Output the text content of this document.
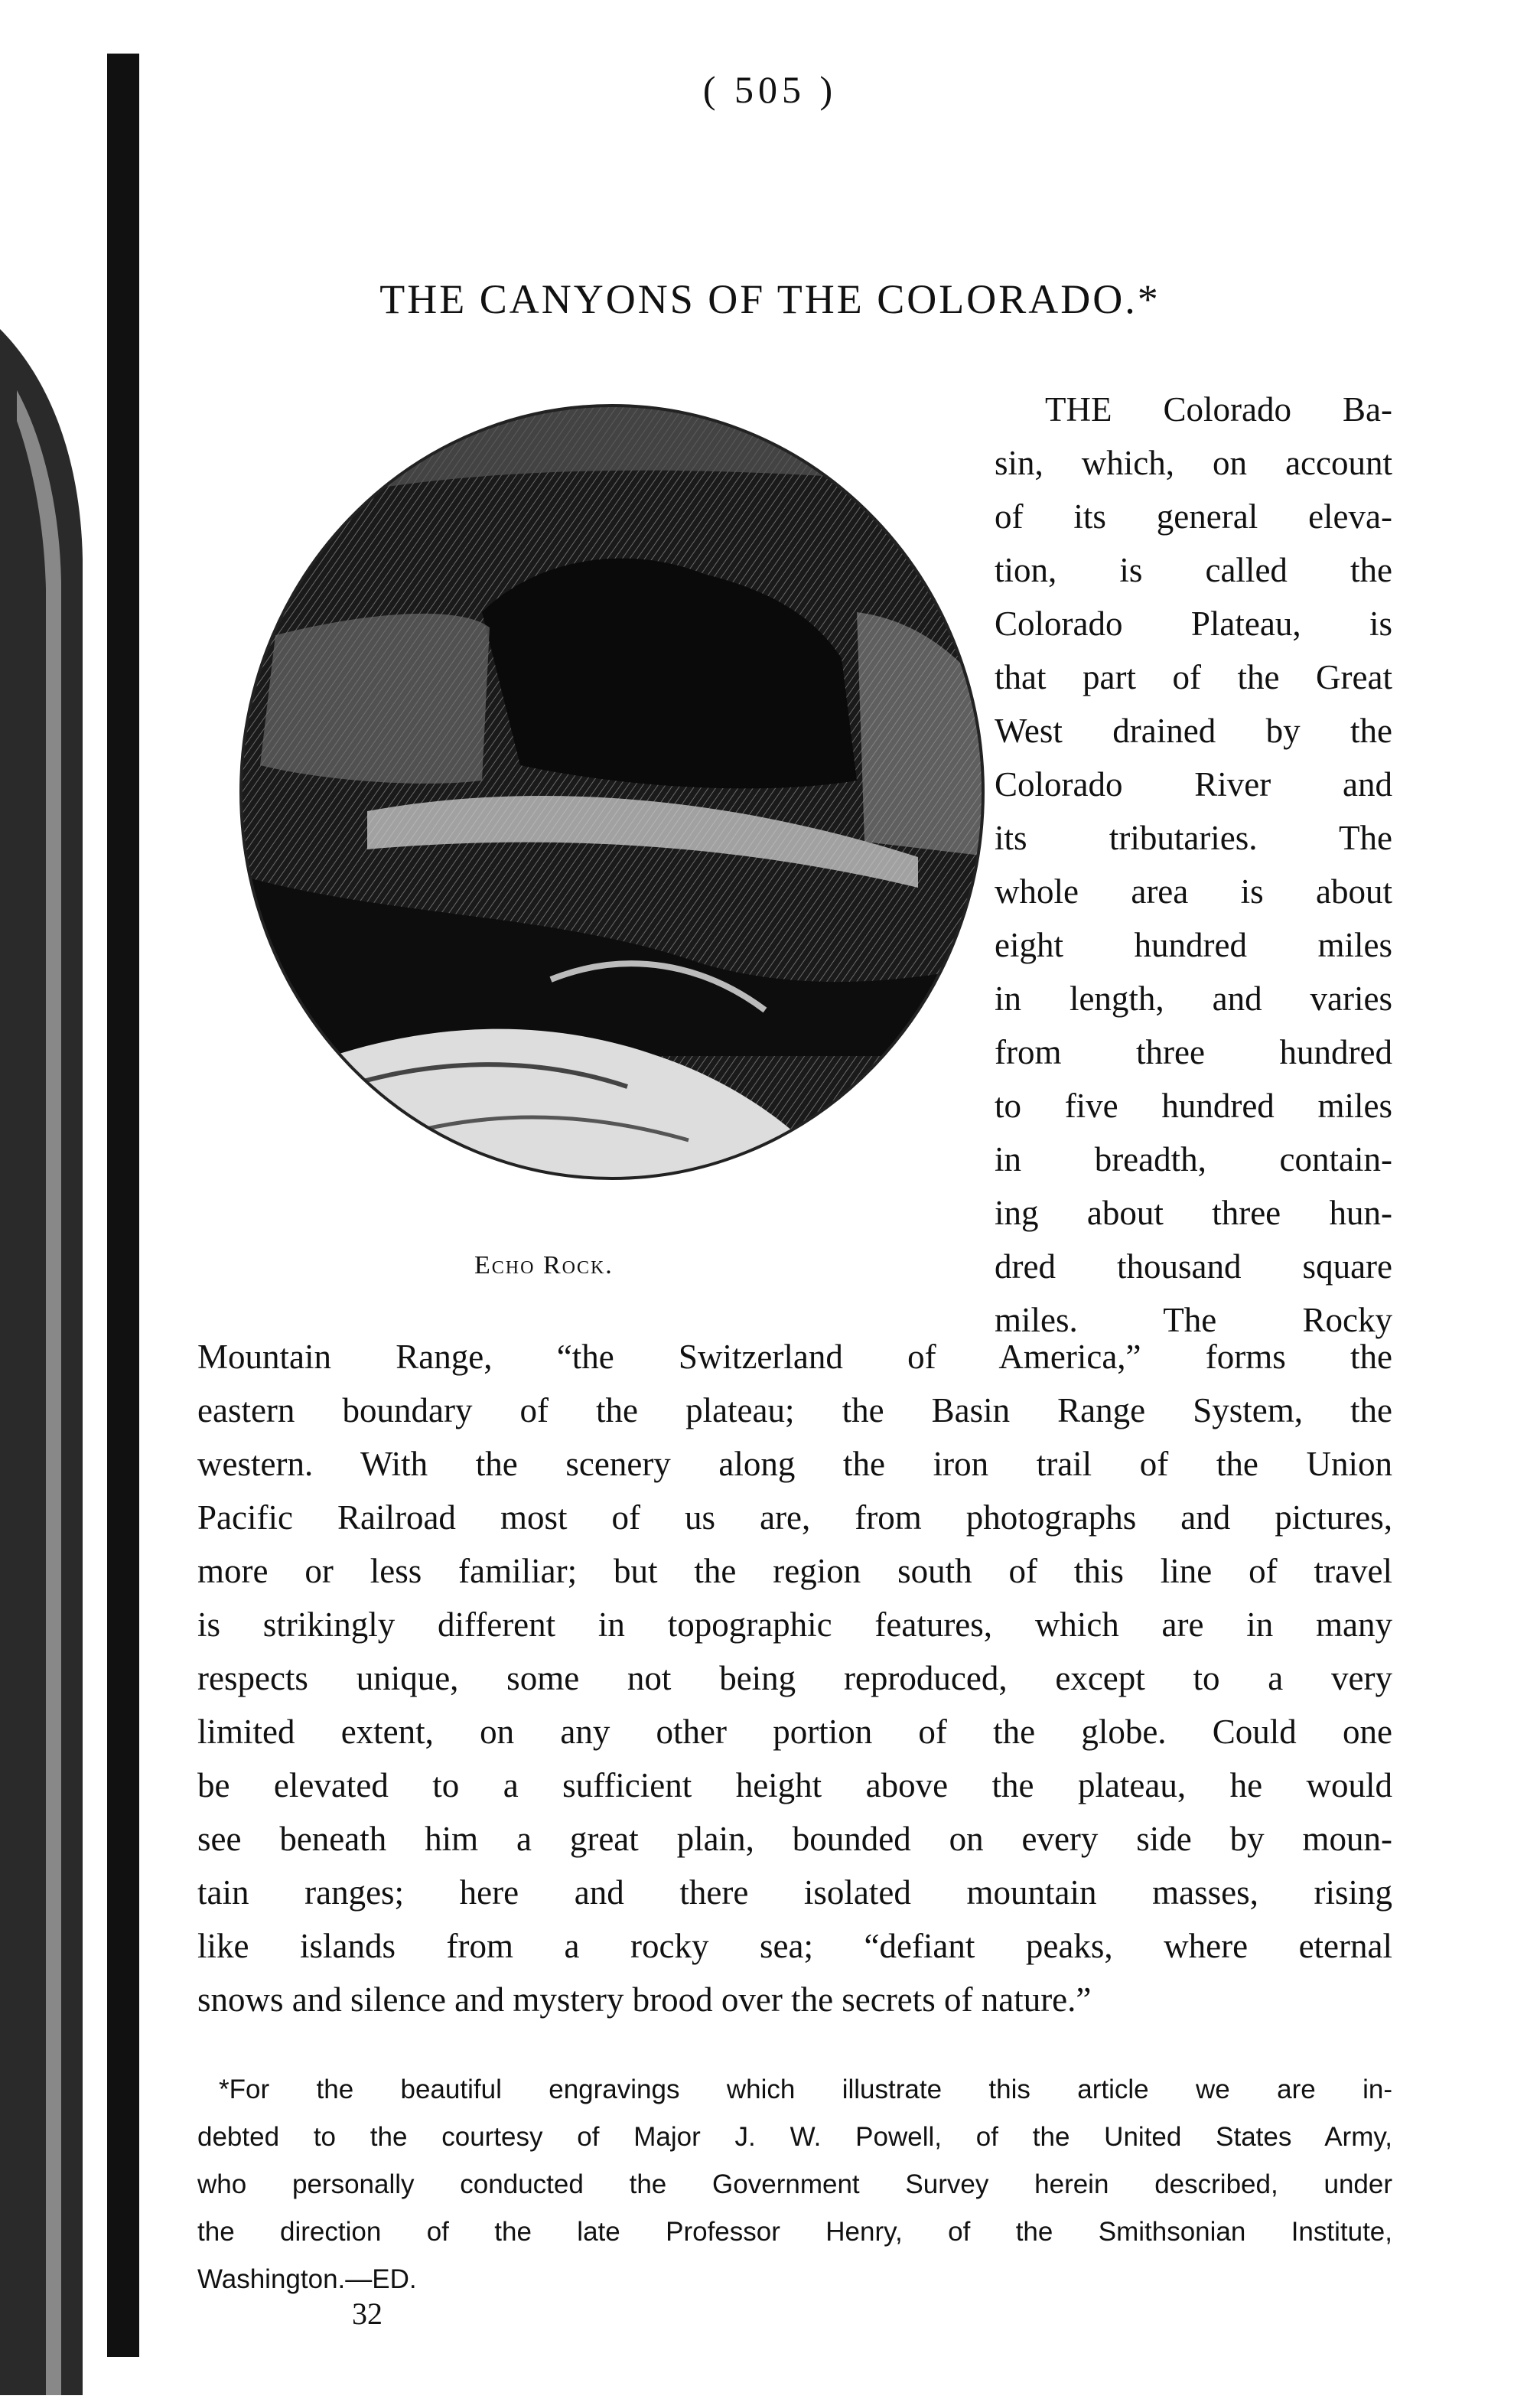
( 505 )
THE CANYONS OF THE COLORADO.*
Echo Rock.
THE Colorado Ba-
sin, which, on account
of its general eleva-
tion, is called the
Colorado Plateau, is
that part of the Great
West drained by the
Colorado River and
its tributaries. The
whole area is about
eight hundred miles
in length, and varies
from three hundred
to five hundred miles
in breadth, contain-
ing about three hun-
dred thousand square
miles. The Rocky
Mountain Range, “the Switzerland of America,” forms the
eastern boundary of the plateau; the Basin Range System, the
western. With the scenery along the iron trail of the Union
Pacific Railroad most of us are, from photographs and pictures,
more or less familiar; but the region south of this line of travel
is strikingly different in topographic features, which are in many
respects unique, some not being reproduced, except to a very
limited extent, on any other portion of the globe. Could one
be elevated to a sufficient height above the plateau, he would
see beneath him a great plain, bounded on every side by moun-
tain ranges; here and there isolated mountain masses, rising
like islands from a rocky sea; “defiant peaks, where eternal
snows and silence and mystery brood over the secrets of nature.”
*For the beautiful engravings which illustrate this article we are in-
debted to the courtesy of Major J. W. Powell, of the United States Army,
who personally conducted the Government Survey herein described, under
the direction of the late Professor Henry, of the Smithsonian Institute,
Washington.—ED.
32
